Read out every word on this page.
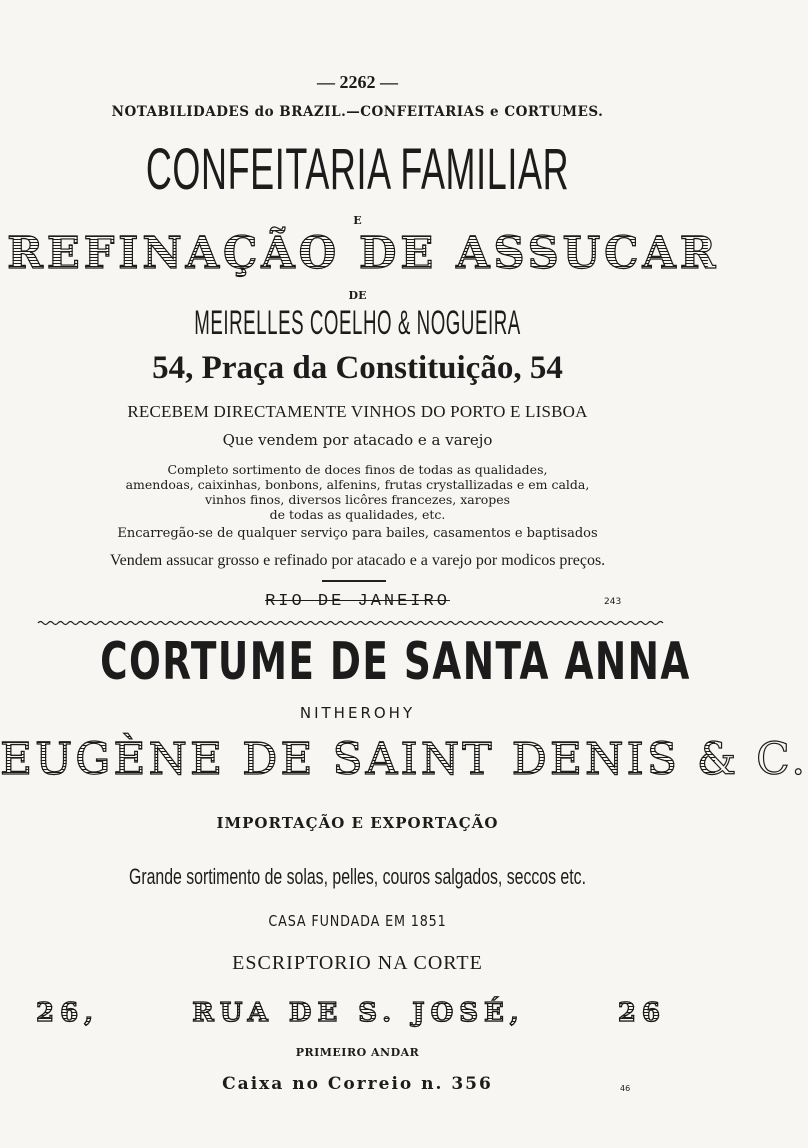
— 2262 —
NOTABILIDADES do BRAZIL.—CONFEITARIAS e CORTUMES.
CONFEITARIA FAMILIAR
E
REFINAÇÃO DE ASSUCAR
DE
MEIRELLES COELHO & NOGUEIRA
54, Praça da Constituição, 54
RECEBEM DIRECTAMENTE VINHOS DO PORTO E LISBOA
Que vendem por atacado e a varejo
Completo sortimento de doces finos de todas as qualidades,
amendoas, caixinhas, bonbons, alfenins, frutas crystallizadas e em calda,
vinhos finos, diversos licôres francezes, xaropes
de todas as qualidades, etc.
Encarregão-se de qualquer serviço para bailes, casamentos e baptisados
Vendem assucar grosso e refinado por atacado e a varejo por modicos preços.
RIO DE JANEIRO	243
CORTUME DE SANTA ANNA
NITHEROHY
EUGÈNE DE SAINT DENIS & C.
IMPORTAÇÃO E EXPORTAÇÃO
Grande sortimento de solas, pelles, couros salgados, seccos etc.
CASA FUNDADA EM 1851
ESCRIPTORIO NA CORTE
26,	RUA DE S. JOSÉ,	26
PRIMEIRO ANDAR
Caixa no Correio n. 356	46
